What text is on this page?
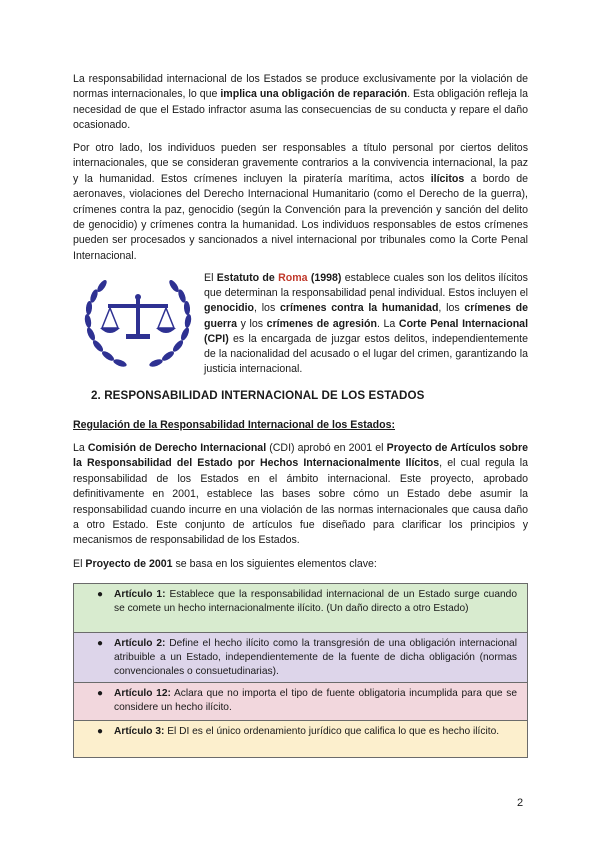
La responsabilidad internacional de los Estados se produce exclusivamente por la violación de normas internacionales, lo que implica una obligación de reparación. Esta obligación refleja la necesidad de que el Estado infractor asuma las consecuencias de su conducta y repare el daño ocasionado.

Por otro lado, los individuos pueden ser responsables a título personal por ciertos delitos internacionales, que se consideran gravemente contrarios a la convivencia internacional, la paz y la humanidad. Estos crímenes incluyen la piratería marítima, actos ilícitos a bordo de aeronaves, violaciones del Derecho Internacional Humanitario (como el Derecho de la guerra), crímenes contra la paz, genocidio (según la Convención para la prevención y sanción del delito de genocidio) y crímenes contra la humanidad. Los individuos responsables de estos crímenes pueden ser procesados y sancionados a nivel internacional por tribunales como la Corte Penal Internacional.

El Estatuto de Roma (1998) establece cuales son los delitos ilícitos que determinan la responsabilidad penal individual. Estos incluyen el genocidio, los crímenes contra la humanidad, los crímenes de guerra y los crímenes de agresión. La Corte Penal Internacional (CPI) es la encargada de juzgar estos delitos, independientemente de la nacionalidad del acusado o el lugar del crimen, garantizando la justicia internacional.

2. RESPONSABILIDAD INTERNACIONAL DE LOS ESTADOS

Regulación de la Responsabilidad Internacional de los Estados:

La Comisión de Derecho Internacional (CDI) aprobó en 2001 el Proyecto de Artículos sobre la Responsabilidad del Estado por Hechos Internacionalmente Ilícitos, el cual regula la responsabilidad de los Estados en el ámbito internacional. Este proyecto, aprobado definitivamente en 2001, establece las bases sobre cómo un Estado debe asumir la responsabilidad cuando incurre en una violación de las normas internacionales que causa daño a otro Estado. Este conjunto de artículos fue diseñado para clarificar los principios y mecanismos de responsabilidad de los Estados.

El Proyecto de 2001 se basa en los siguientes elementos clave:

● Artículo 1: Establece que la responsabilidad internacional de un Estado surge cuando se comete un hecho internacionalmente ilícito. (Un daño directo a otro Estado)
● Artículo 2: Define el hecho ilícito como la transgresión de una obligación internacional atribuible a un Estado, independientemente de la fuente de dicha obligación (normas convencionales o consuetudinarias).
● Artículo 12: Aclara que no importa el tipo de fuente obligatoria incumplida para que se considere un hecho ilícito.
● Artículo 3: El DI es el único ordenamiento jurídico que califica lo que es hecho ilícito.

2
